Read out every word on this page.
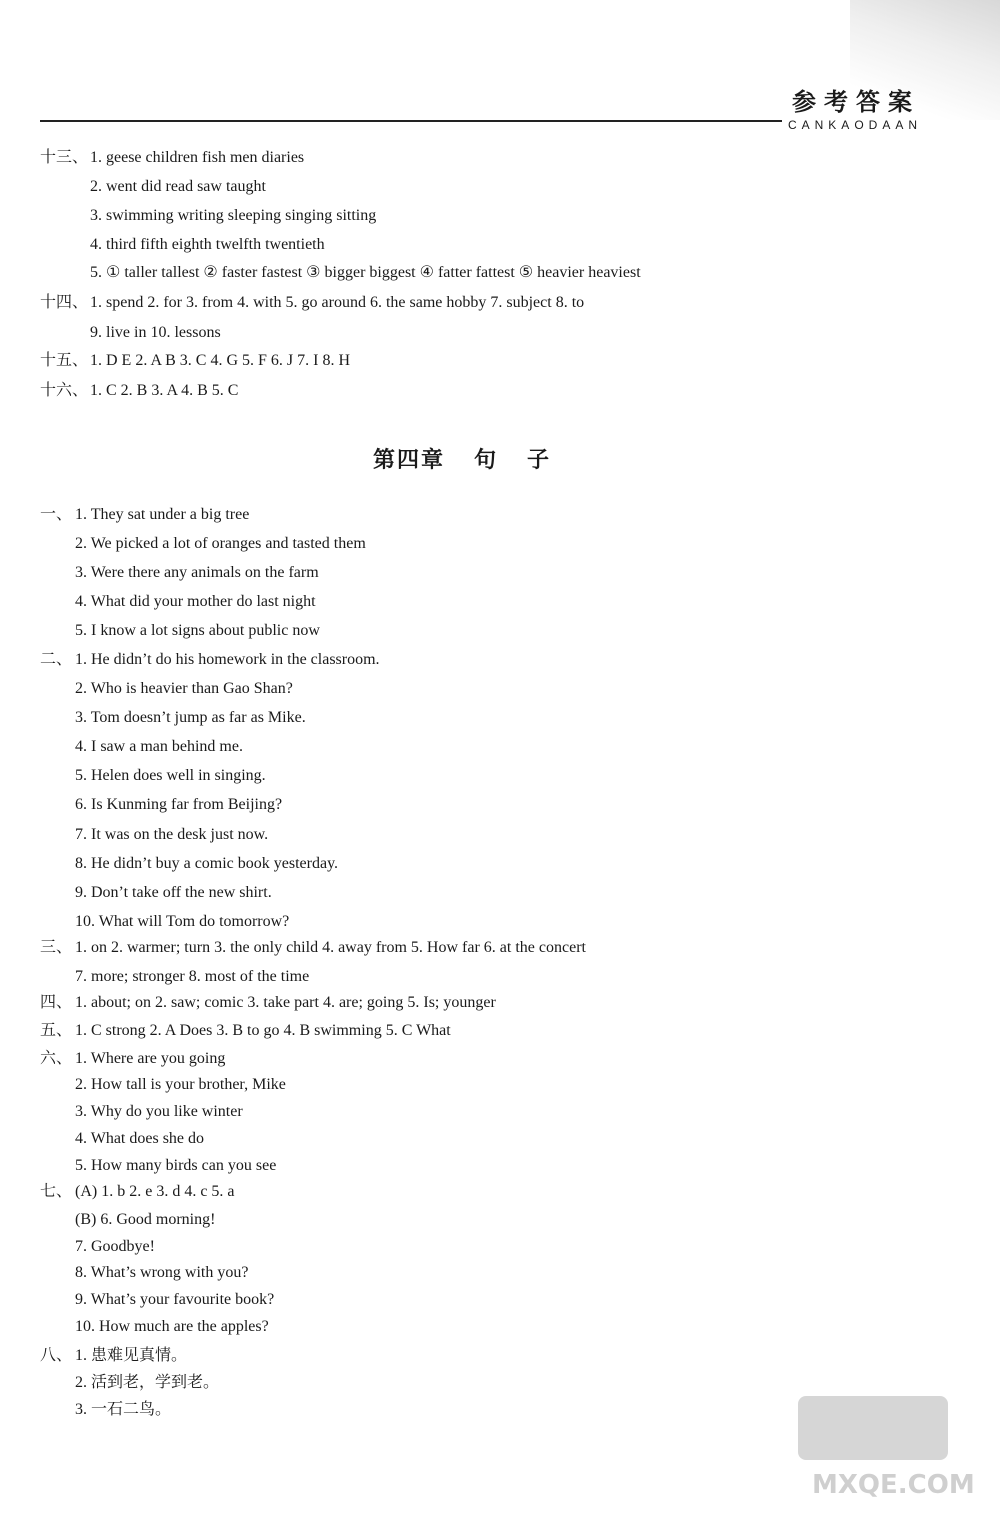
参考答案
CANKAODAAN
十三、 1. geese children fish men diaries
2. went did read saw taught
3. swimming writing sleeping singing sitting
4. third fifth eighth twelfth twentieth
5. ① taller tallest ② faster fastest ③ bigger biggest ④ fatter fattest ⑤ heavier heaviest
十四、 1. spend 2. for 3. from 4. with 5. go around 6. the same hobby 7. subject 8. to
9. live in 10. lessons
十五、 1. D E 2. A B 3. C 4. G 5. F 6. J 7. I 8. H
十六、 1. C 2. B 3. A 4. B 5. C
一、 1. They sat under a big tree
2. We picked a lot of oranges and tasted them
3. Were there any animals on the farm
4. What did your mother do last night
5. I know a lot signs about public now
二、 1. He didn’t do his homework in the classroom.
2. Who is heavier than Gao Shan?
3. Tom doesn’t jump as far as Mike.
4. I saw a man behind me.
5. Helen does well in singing.
6. Is Kunming far from Beijing?
7. It was on the desk just now.
8. He didn’t buy a comic book yesterday.
9. Don’t take off the new shirt.
10. What will Tom do tomorrow?
三、 1. on 2. warmer; turn 3. the only child 4. away from 5. How far 6. at the concert
7. more; stronger 8. most of the time
四、 1. about; on 2. saw; comic 3. take part 4. are; going 5. Is; younger
五、 1. C strong 2. A Does 3. B to go 4. B swimming 5. C What
六、 1. Where are you going
2. How tall is your brother, Mike
3. Why do you like winter
4. What does she do
5. How many birds can you see
七、 (A) 1. b 2. e 3. d 4. c 5. a
(B) 6. Good morning!
7. Goodbye!
8. What’s wrong with you?
9. What’s your favourite book?
10. How much are the apples?
八、 1. 患难见真情。
2. 活到老，学到老。
3. 一石二鸟。
第四章   句   子
MXQE.COM
